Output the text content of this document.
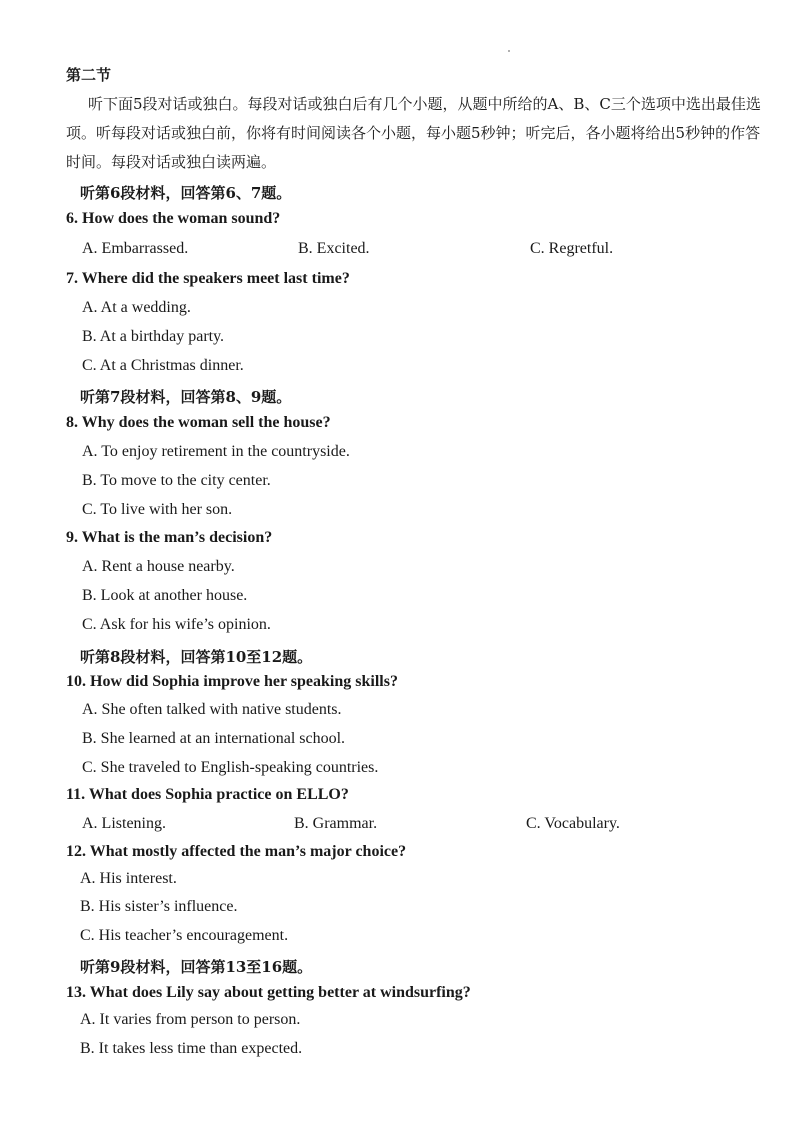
第二节
听下面5段对话或独白。每段对话或独白后有几个小题，从题中所给的A、B、C三个选项中选出最佳选项。听每段对话或独白前，你将有时间阅读各个小题，每小题5秒钟；听完后，各小题将给出5秒钟的作答时间。每段对话或独白读两遍。
听第6段材料，回答第6、7题。
6. How does the woman sound?
A. Embarrassed.	B. Excited.	C. Regretful.
7. Where did the speakers meet last time?
A. At a wedding.
B. At a birthday party.
C. At a Christmas dinner.
听第7段材料，回答第8、9题。
8. Why does the woman sell the house?
A. To enjoy retirement in the countryside.
B. To move to the city center.
C. To live with her son.
9. What is the man’s decision?
A. Rent a house nearby.
B. Look at another house.
C. Ask for his wife’s opinion.
听第8段材料，回答第10至12题。
10. How did Sophia improve her speaking skills?
A. She often talked with native students.
B. She learned at an international school.
C. She traveled to English-speaking countries.
11. What does Sophia practice on ELLO?
A. Listening.	B. Grammar.	C. Vocabulary.
12. What mostly affected the man’s major choice?
A. His interest.
B. His sister’s influence.
C. His teacher’s encouragement.
听第9段材料，回答第13至16题。
13. What does Lily say about getting better at windsurfing?
A. It varies from person to person.
B. It takes less time than expected.
